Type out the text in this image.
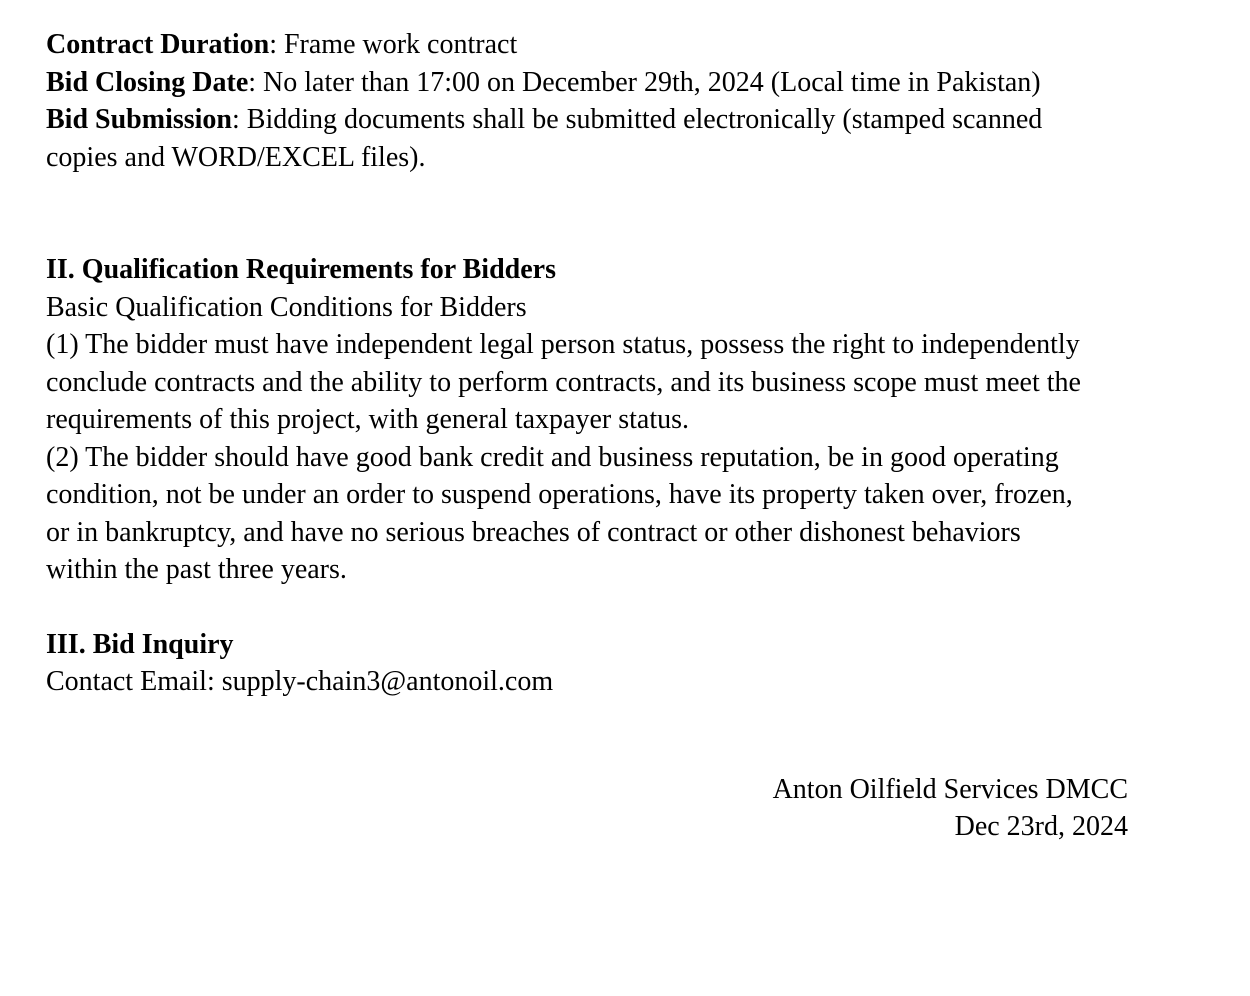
Contract Duration: Frame work contract
Bid Closing Date: No later than 17:00 on December 29th, 2024 (Local time in Pakistan)
Bid Submission: Bidding documents shall be submitted electronically (stamped scanned
copies and WORD/EXCEL files).
II. Qualification Requirements for Bidders
Basic Qualification Conditions for Bidders
(1) The bidder must have independent legal person status, possess the right to independently
conclude contracts and the ability to perform contracts, and its business scope must meet the
requirements of this project, with general taxpayer status.
(2) The bidder should have good bank credit and business reputation, be in good operating
condition, not be under an order to suspend operations, have its property taken over, frozen,
or in bankruptcy, and have no serious breaches of contract or other dishonest behaviors
within the past three years.
III. Bid Inquiry
Contact Email: supply-chain3@antonoil.com
Anton Oilfield Services DMCC
Dec 23rd, 2024
